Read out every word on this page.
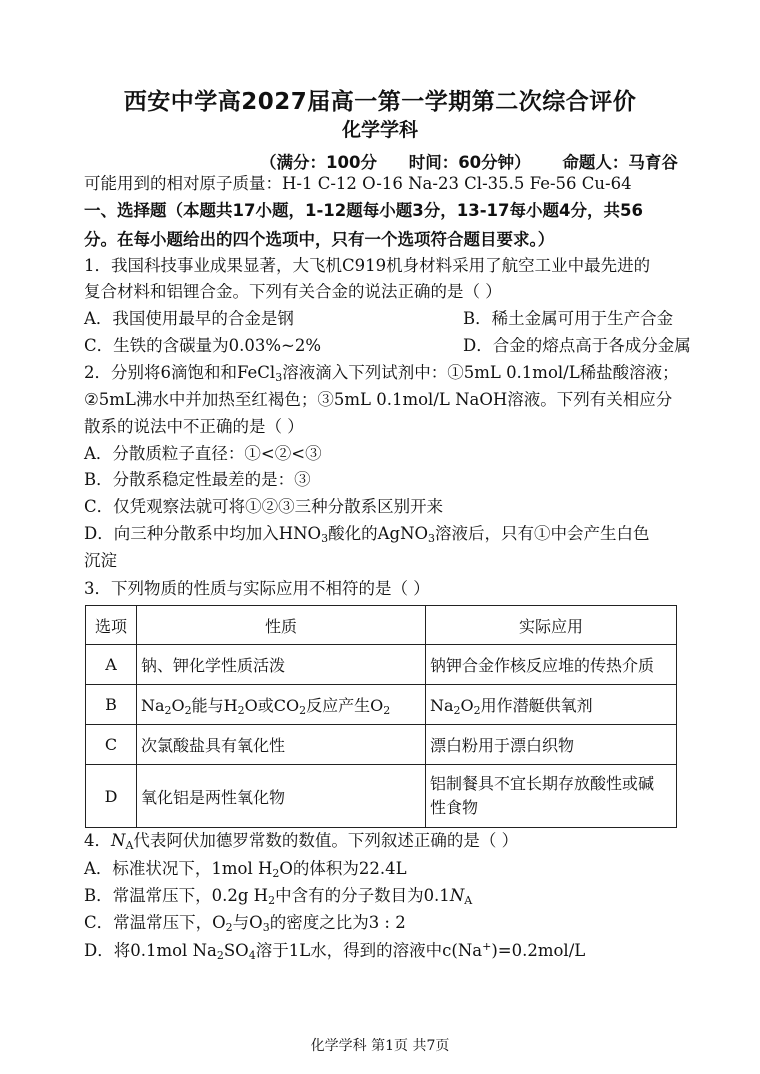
西安中学高2027届高一第一学期第二次综合评价
化学学科
（满分：100分 时间：60分钟） 命题人：马育谷
可能用到的相对原子质量：H-1 C-12 O-16 Na-23 Cl-35.5 Fe-56 Cu-64
一、选择题（本题共17小题，1-12题每小题3分，13-17每小题4分，共56
分。在每小题给出的四个选项中，只有一个选项符合题目要求。）
1．我国科技事业成果显著，大飞机C919机身材料采用了航空工业中最先进的
复合材料和铝锂合金。下列有关合金的说法正确的是（ ）
A．我国使用最早的合金是钢	B．稀土金属可用于生产合金
C．生铁的含碳量为0.03%~2%	D．合金的熔点高于各成分金属
2．分别将6滴饱和和FeCl$_3$溶液滴入下列试剂中：①5mL 0.1mol/L稀盐酸溶液；
②5mL沸水中并加热至红褐色；③5mL 0.1mol/L NaOH溶液。下列有关相应分
散系的说法中不正确的是（ ）
A．分散质粒子直径：①<②<③
B．分散系稳定性最差的是：③
C．仅凭观察法就可将①②③三种分散系区别开来
D．向三种分散系中均加入$HNO_3$酸化的AgNO$_3$溶液后，只有①中会产生白色
沉淀
3．下列物质的性质与实际应用不相符的是（ ）
选项	性质	实际应用
A	钠、钾化学性质活泼	钠钾合金作核反应堆的传热介质
B	$Na_2O_2$能与$H_2O$或$CO_2$反应产生$O_2$	$Na_2O_2$用作潜艇供氧剂
C	次氯酸盐具有氧化性	漂白粉用于漂白织物
D	氧化铝是两性氧化物	铝制餐具不宜长期存放酸性或碱
性食物
4．$N_A$代表阿伏加德罗常数的数值。下列叙述正确的是（ ）
A．标准状况下，1mol $H_2O$的体积为22.4L
B．常温常压下，0.2g $H_2$中含有的分子数目为$0.1N_A$
C．常温常压下，$O_2$与$O_3$的密度之比为3 : 2
D．将0.1mol $Na_2SO_4$溶于1L水，得到的溶液中c(Na+)=0.2mol/L
化学学科 第1页 共7页
